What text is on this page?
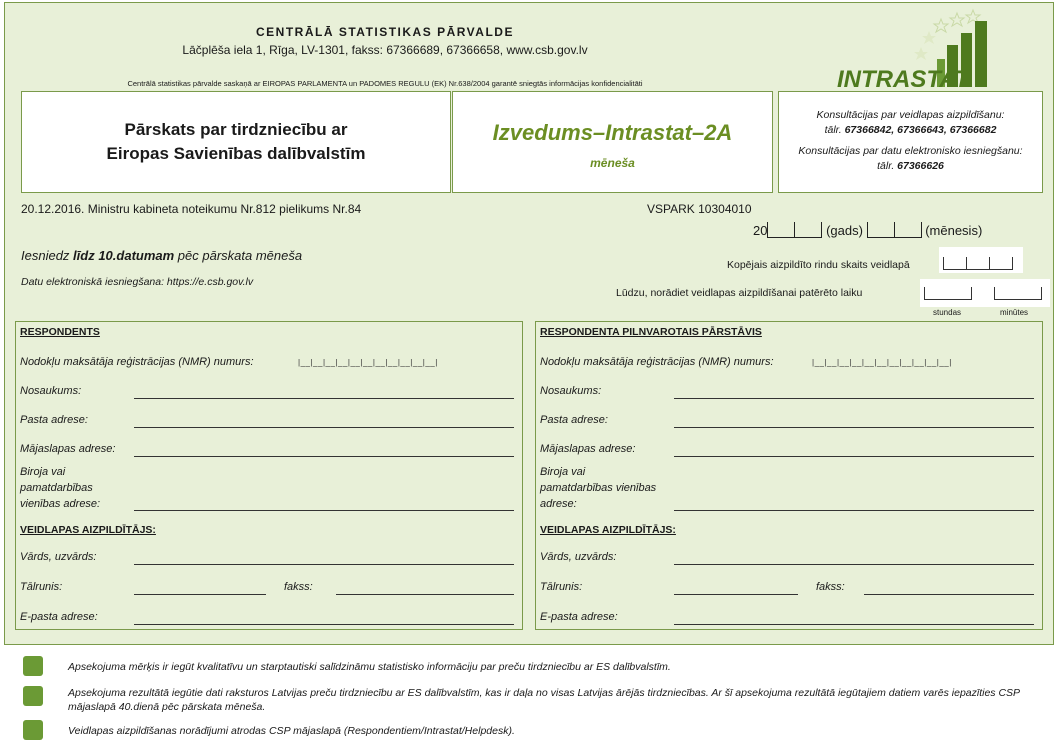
CENTRĀLĀ STATISTIKAS PĀRVALDE
Lāčplēša iela 1, Rīga, LV-1301, fakss: 67366689, 67366658, www.csb.gov.lv
Centrālā statistikas pārvalde saskaņā ar EIROPAS PARLAMENTA un PADOMES REGULU (EK) Nr.638/2004 garantē sniegtās informācijas konfidencialitāti	INTRASTAT
Pārskats par tirdzniecību ar
Eiropas Savienības dalībvalstīm
Izvedums–Intrastat–2A
mēneša
Konsultācijas par veidlapas aizpildīšanu:
tālr. 67366842, 67366643, 67366682
Konsultācijas par datu elektronisko iesniegšanu:
tālr. 67366626
20.12.2016. Ministru kabineta noteikumu Nr.812 pielikums Nr.84	VSPARK 10304010
20	(gads)	(mēnesis)
Iesniedz līdz 10.datumam pēc pārskata mēneša
Datu elektroniskā iesniegšana: https://e.csb.gov.lv
Kopējais aizpildīto rindu skaits veidlapā
Lūdzu, norādiet veidlapas aizpildīšanai patērēto laiku
stundas	minūtes
RESPONDENTS
Nodokļu maksātāja reģistrācijas (NMR) numurs:	|__|__|__|__|__|__|__|__|__|__|__|
Nosaukums:
Pasta adrese:
Mājaslapas adrese:
Biroja vai
pamatdarbības
vienības adrese:
VEIDLAPAS AIZPILDĪTĀJS:
Vārds, uzvārds:
Tālrunis:	fakss:
E-pasta adrese:
RESPONDENTA PILNVAROTAIS PĀRSTĀVIS
Nodokļu maksātāja reģistrācijas (NMR) numurs:	|__|__|__|__|__|__|__|__|__|__|__|
Nosaukums:
Pasta adrese:
Mājaslapas adrese:
Biroja vai
pamatdarbības vienības
adrese:
VEIDLAPAS AIZPILDĪTĀJS:
Vārds, uzvārds:
Tālrunis:	fakss:
E-pasta adrese:
Apsekojuma mērķis ir iegūt kvalitatīvu un starptautiski salīdzināmu statistisko informāciju par preču tirdzniecību ar ES dalībvalstīm.
Apsekojuma rezultātā iegūtie dati raksturos Latvijas preču tirdzniecību ar ES dalībvalstīm, kas ir daļa no visas Latvijas ārējās tirdzniecības. Ar šī apsekojuma rezultātā iegūtajiem datiem varēs iepazīties CSP mājaslapā 40.dienā pēc pārskata mēneša.
Veidlapas aizpildīšanas norādījumi atrodas CSP mājaslapā (Respondentiem/Intrastat/Helpdesk).
